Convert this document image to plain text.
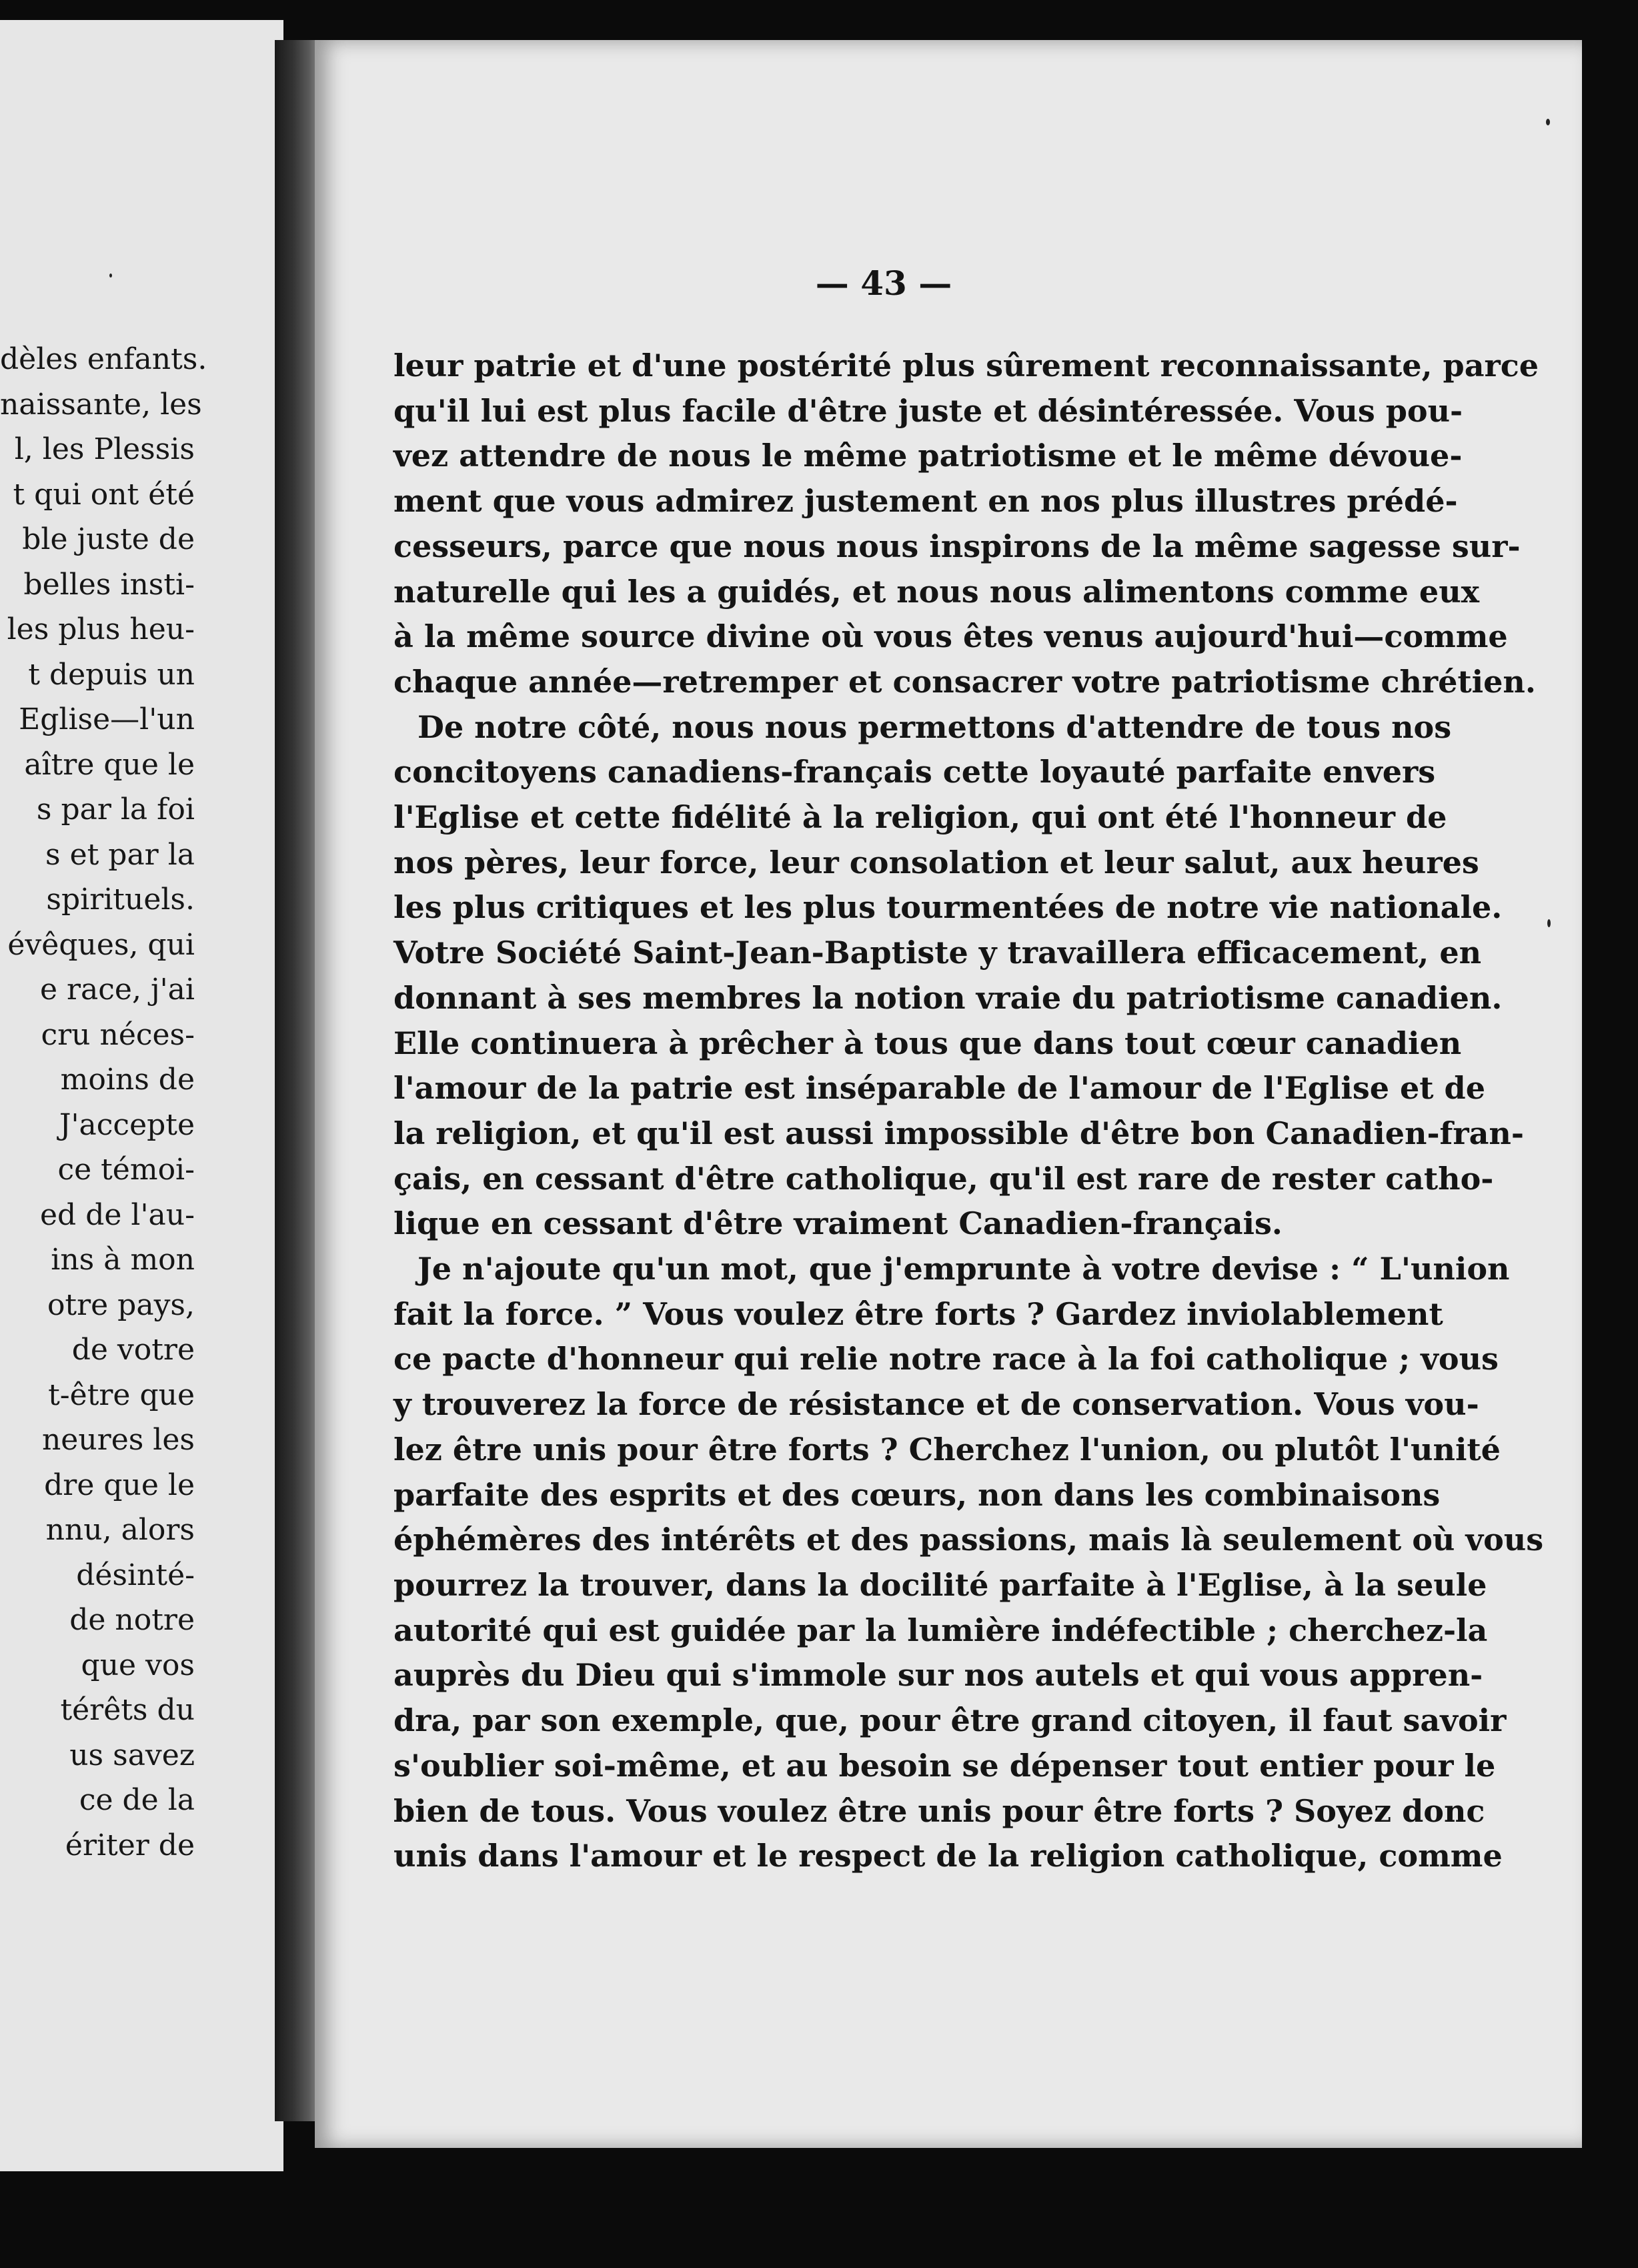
dèles enfants.
naissante, les
l, les Plessis
t qui ont été
ble juste de
belles insti-
les plus heu-
t depuis un
Eglise—l'un
aître que le
s par la foi
s et par la
spirituels.
évêques, qui
e race, j'ai
cru néces-
moins de
J'accepte
ce témoi-
ed de l'au-
ins à mon
otre pays,
de votre
t-être que
neures les
dre que le
nnu, alors
désinté-
de notre
que vos
térêts du
us savez
ce de la
ériter de
— 43 —
leur patrie et d'une postérité plus sûrement reconnaissante, parce
qu'il lui est plus facile d'être juste et désintéressée. Vous pou-
vez attendre de nous le même patriotisme et le même dévoue-
ment que vous admirez justement en nos plus illustres prédé-
cesseurs, parce que nous nous inspirons de la même sagesse sur-
naturelle qui les a guidés, et nous nous alimentons comme eux
à la même source divine où vous êtes venus aujourd'hui—comme
chaque année—retremper et consacrer votre patriotisme chrétien.
De notre côté, nous nous permettons d'attendre de tous nos
concitoyens canadiens-français cette loyauté parfaite envers
l'Eglise et cette fidélité à la religion, qui ont été l'honneur de
nos pères, leur force, leur consolation et leur salut, aux heures
les plus critiques et les plus tourmentées de notre vie nationale.
Votre Société Saint-Jean-Baptiste y travaillera efficacement, en
donnant à ses membres la notion vraie du patriotisme canadien.
Elle continuera à prêcher à tous que dans tout cœur canadien
l'amour de la patrie est inséparable de l'amour de l'Eglise et de
la religion, et qu'il est aussi impossible d'être bon Canadien-fran-
çais, en cessant d'être catholique, qu'il est rare de rester catho-
lique en cessant d'être vraiment Canadien-français.
Je n'ajoute qu'un mot, que j'emprunte à votre devise : “ L'union
fait la force. ” Vous voulez être forts ? Gardez inviolablement
ce pacte d'honneur qui relie notre race à la foi catholique ; vous
y trouverez la force de résistance et de conservation. Vous vou-
lez être unis pour être forts ? Cherchez l'union, ou plutôt l'unité
parfaite des esprits et des cœurs, non dans les combinaisons
éphémères des intérêts et des passions, mais là seulement où vous
pourrez la trouver, dans la docilité parfaite à l'Eglise, à la seule
autorité qui est guidée par la lumière indéfectible ; cherchez-la
auprès du Dieu qui s'immole sur nos autels et qui vous appren-
dra, par son exemple, que, pour être grand citoyen, il faut savoir
s'oublier soi-même, et au besoin se dépenser tout entier pour le
bien de tous. Vous voulez être unis pour être forts ? Soyez donc
unis dans l'amour et le respect de la religion catholique, comme
